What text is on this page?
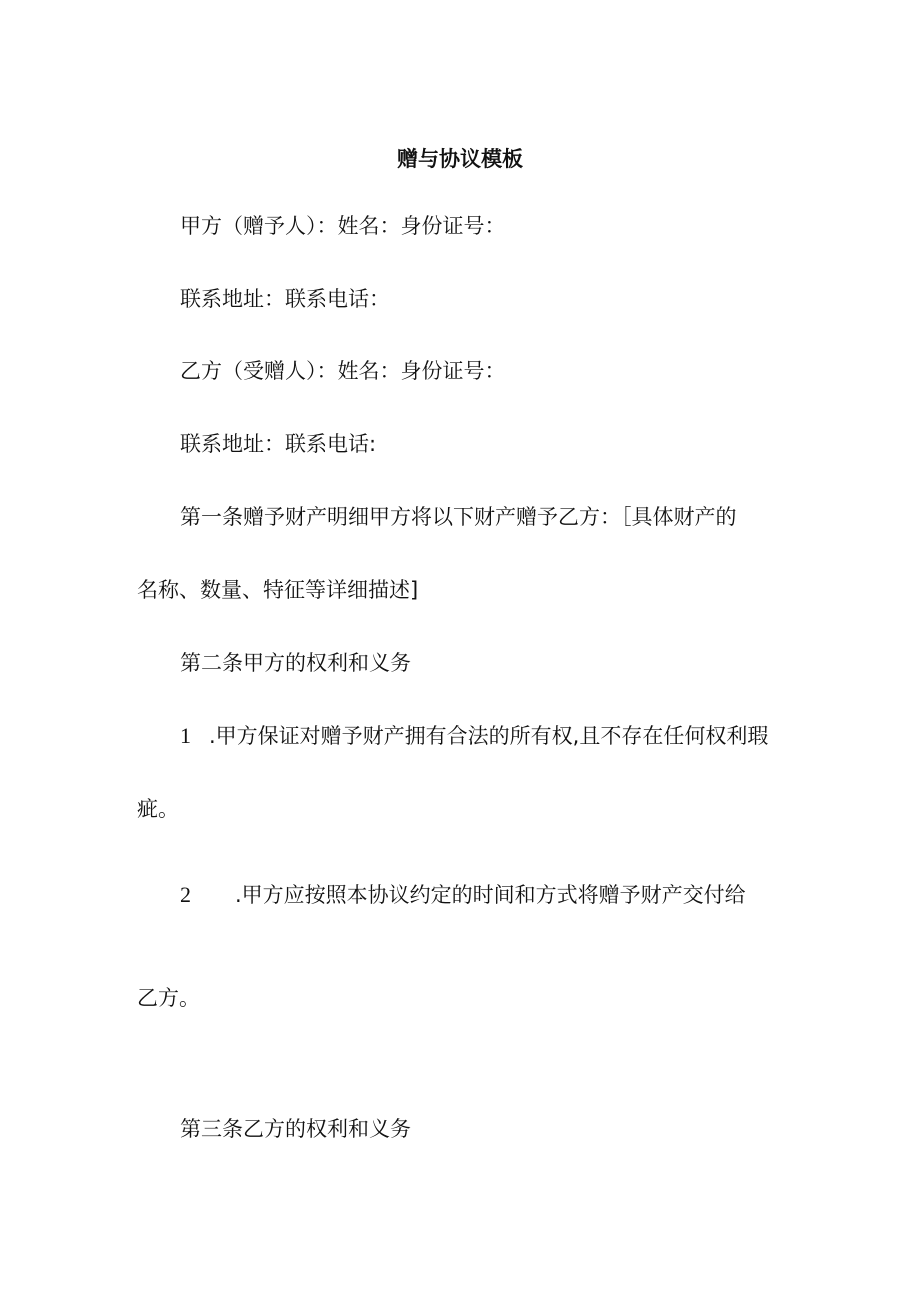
赠与协议模板
甲方（赠予人）：姓名：身份证号：
联系地址：联系电话：
乙方（受赠人）：姓名：身份证号：
联系地址：联系电话:
第一条赠予财产明细甲方将以下财产赠予乙方：［具体财产的
名称、数量、特征等详细描述]
第二条甲方的权利和义务
1 .甲方保证对赠予财产拥有合法的所有权,且不存在任何权利瑕
疵。
2 .甲方应按照本协议约定的时间和方式将赠予财产交付给
乙方。
第三条乙方的权利和义务
